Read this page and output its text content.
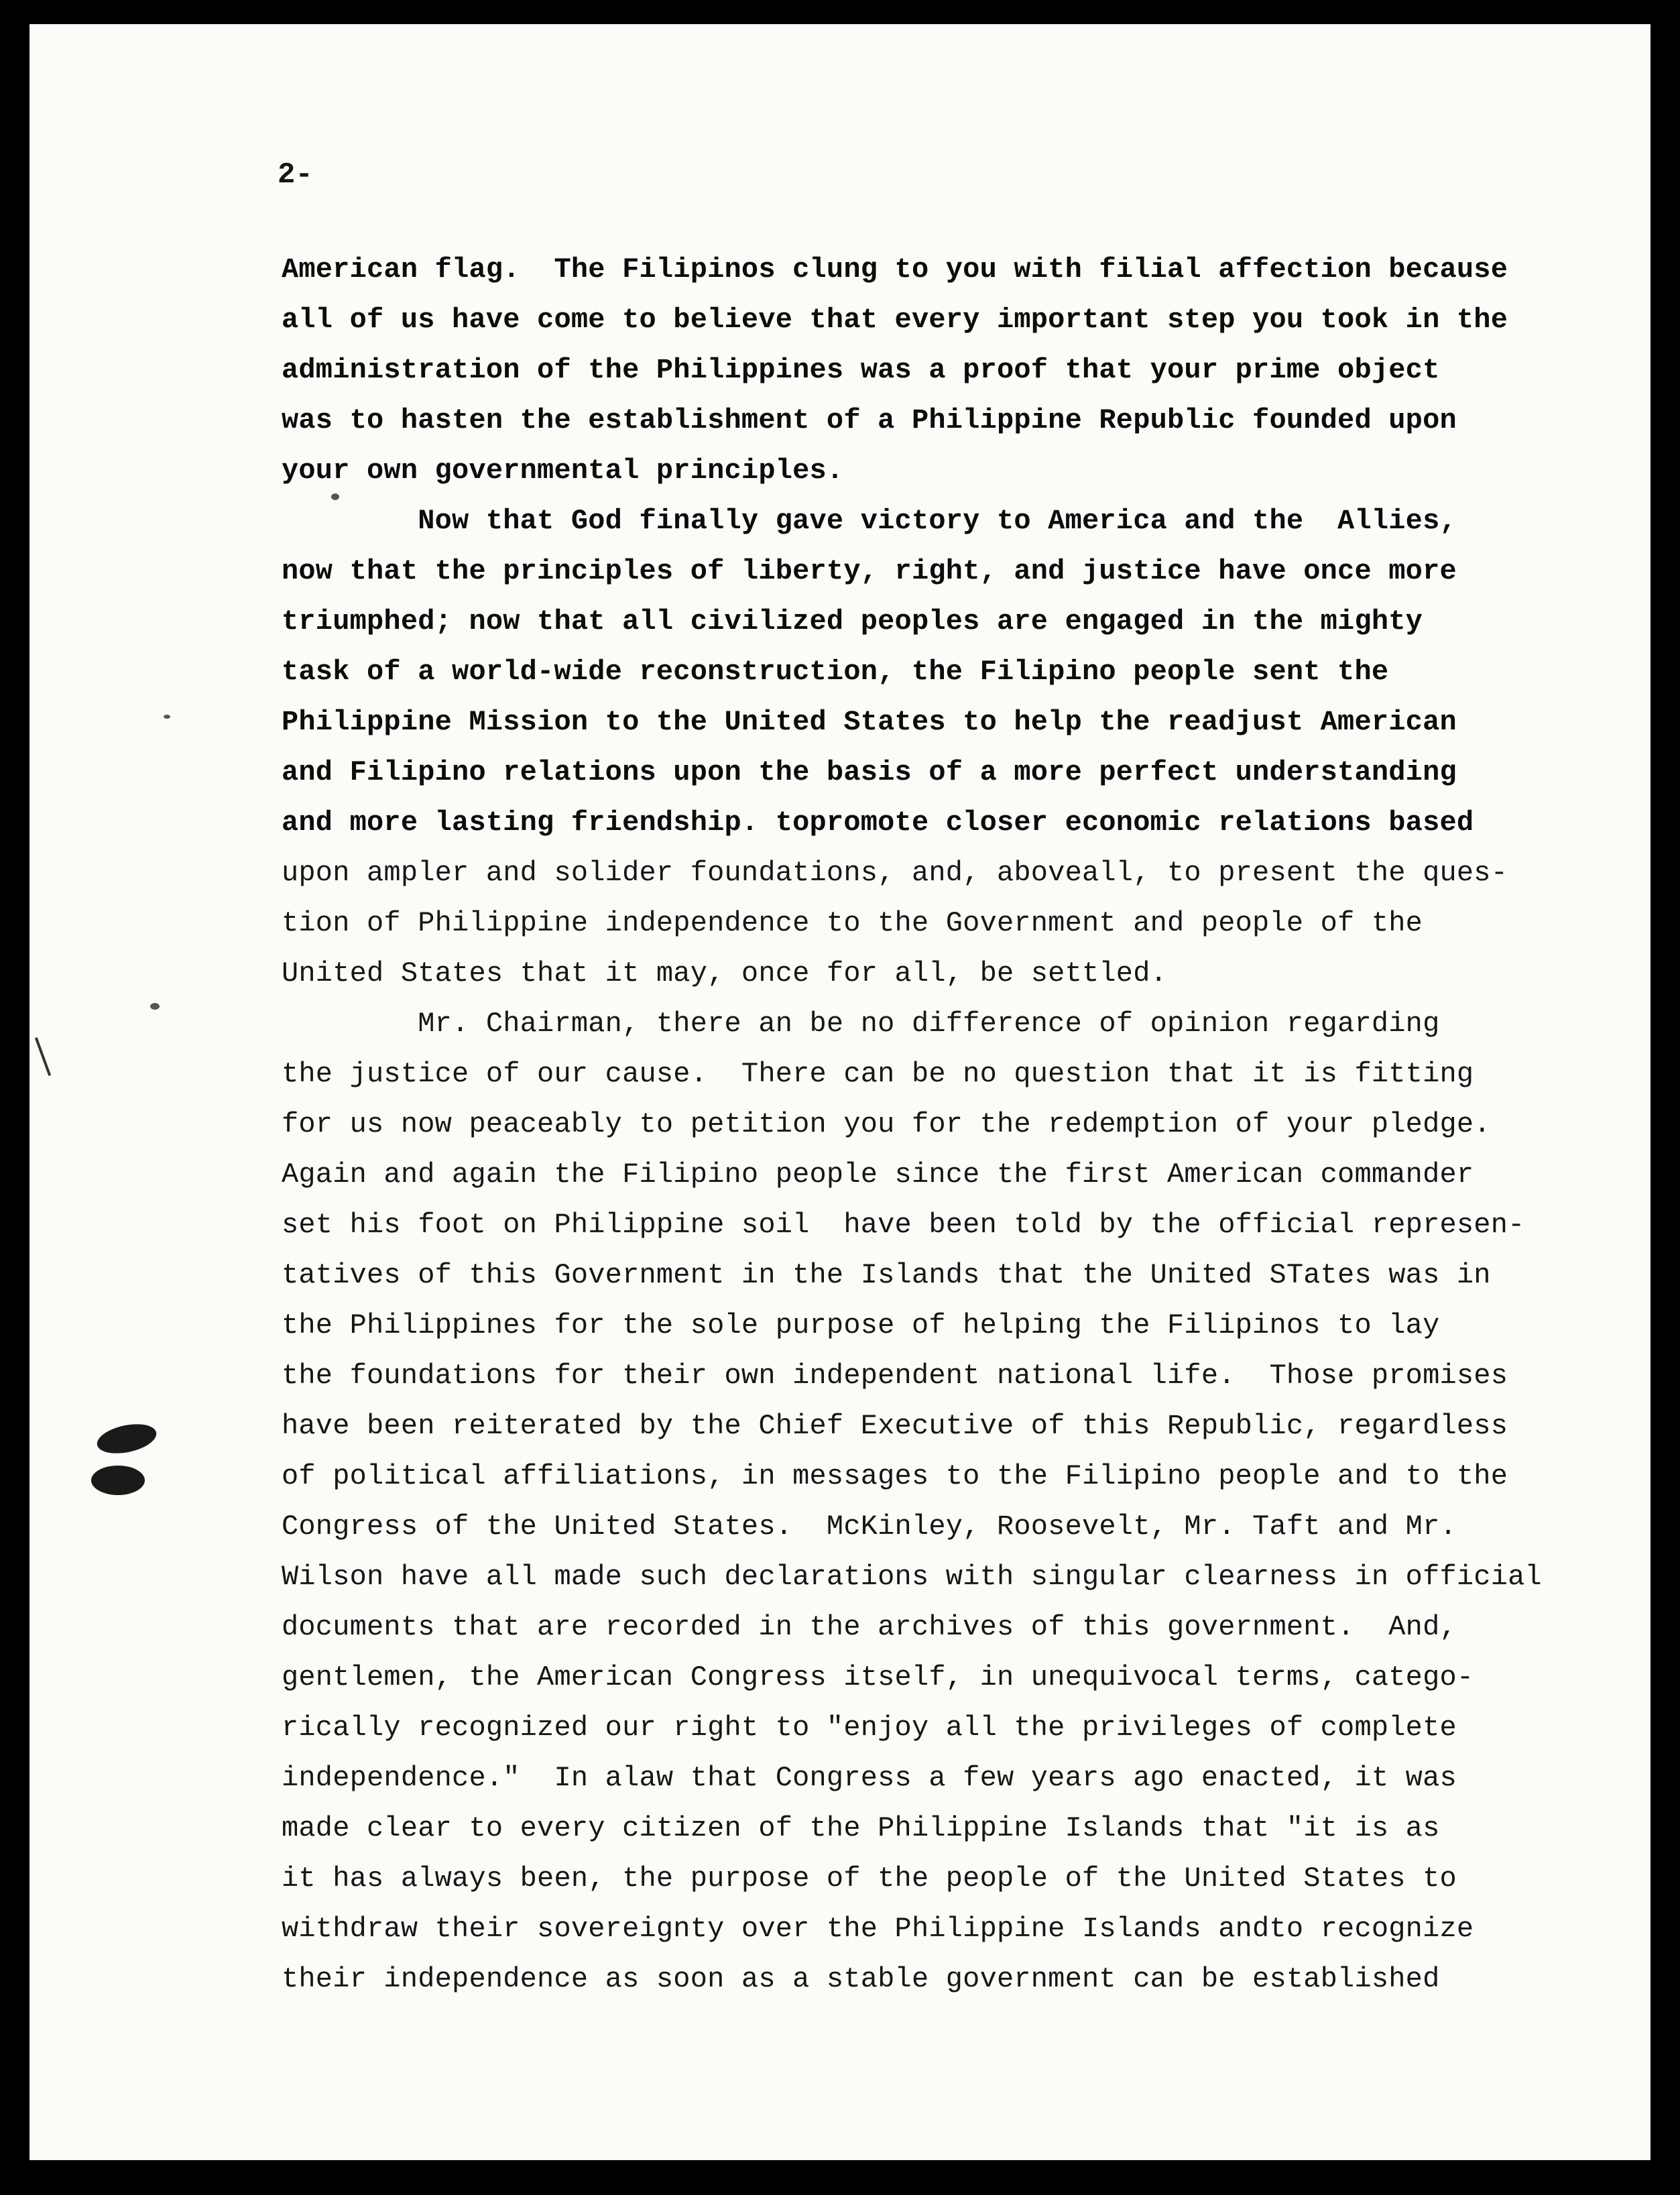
2-

American flag.  The Filipinos clung to you with filial affection because

all of us have come to believe that every important step you took in the

administration of the Philippines was a proof that your prime object

was to hasten the establishment of a Philippine Republic founded upon

your own governmental principles.

Now that God finally gave victory to America and the  Allies,

now that the principles of liberty, right, and justice have once more

triumphed; now that all civilized peoples are engaged in the mighty

task of a world-wide reconstruction, the Filipino people sent the

Philippine Mission to the United States to help the readjust American

and Filipino relations upon the basis of a more perfect understanding

and more lasting friendship. topromote closer economic relations based

upon ampler and solider foundations, and, aboveall, to present the ques-

tion of Philippine independence to the Government and people of the

United States that it may, once for all, be settled.

Mr. Chairman, there an be no difference of opinion regarding

the justice of our cause.  There can be no question that it is fitting

for us now peaceably to petition you for the redemption of your pledge.

Again and again the Filipino people since the first American commander

set his foot on Philippine soil  have been told by the official represen-

tatives of this Government in the Islands that the United STates was in

the Philippines for the sole purpose of helping the Filipinos to lay

the foundations for their own independent national life.  Those promises

have been reiterated by the Chief Executive of this Republic, regardless

of political affiliations, in messages to the Filipino people and to the

Congress of the United States.  McKinley, Roosevelt, Mr. Taft and Mr.

Wilson have all made such declarations with singular clearness in official

documents that are recorded in the archives of this government.  And,

gentlemen, the American Congress itself, in unequivocal terms, catego-

rically recognized our right to "enjoy all the privileges of complete

independence."  In alaw that Congress a few years ago enacted, it was

made clear to every citizen of the Philippine Islands that "it is as

it has always been, the purpose of the people of the United States to

withdraw their sovereignty over the Philippine Islands andto recognize

their independence as soon as a stable government can be established
